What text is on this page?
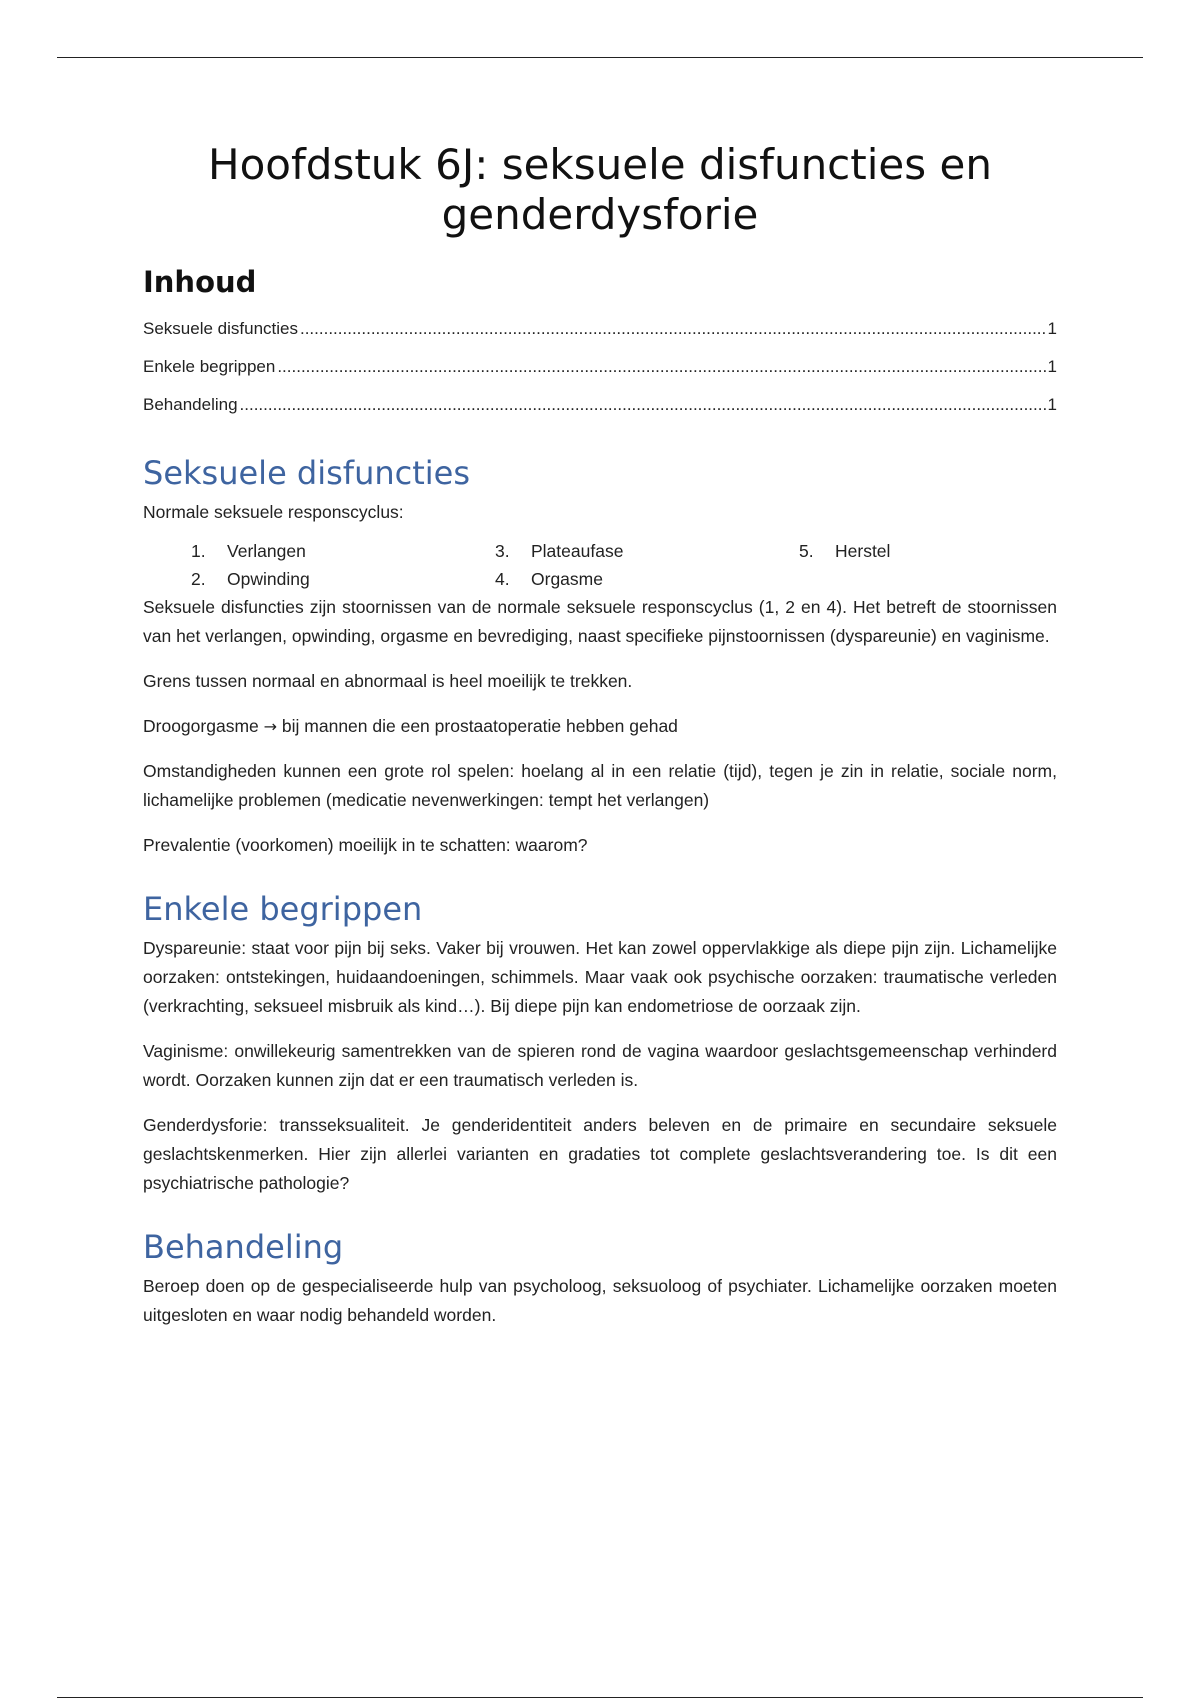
Hoofdstuk 6J: seksuele disfuncties en genderdysforie
Inhoud
Seksuele disfuncties .....	1
Enkele begrippen .....	1
Behandeling .....	1
Seksuele disfuncties

Normale seksuele responscyclus:

1.	Verlangen
2.	Opwinding
3.	Plateaufase
4.	Orgasme
5.	Herstel

Seksuele disfuncties zijn stoornissen van de normale seksuele responscyclus (1, 2 en 4). Het betreft de stoornissen van het verlangen, opwinding, orgasme en bevrediging, naast specifieke pijnstoornissen (dyspareunie) en vaginisme.

Grens tussen normaal en abnormaal is heel moeilijk te trekken.

Droogorgasme → bij mannen die een prostaatoperatie hebben gehad

Omstandigheden kunnen een grote rol spelen: hoelang al in een relatie (tijd), tegen je zin in relatie, sociale norm, lichamelijke problemen (medicatie nevenwerkingen: tempt het verlangen)

Prevalentie (voorkomen) moeilijk in te schatten: waarom?

Enkele begrippen

Dyspareunie: staat voor pijn bij seks. Vaker bij vrouwen. Het kan zowel oppervlakkige als diepe pijn zijn. Lichamelijke oorzaken: ontstekingen, huidaandoeningen, schimmels. Maar vaak ook psychische oorzaken: traumatische verleden (verkrachting, seksueel misbruik als kind…). Bij diepe pijn kan endometriose de oorzaak zijn.

Vaginisme: onwillekeurig samentrekken van de spieren rond de vagina waardoor geslachtsgemeenschap verhinderd wordt. Oorzaken kunnen zijn dat er een traumatisch verleden is.

Genderdysforie: transseksualiteit. Je genderidentiteit anders beleven en de primaire en secundaire seksuele geslachtskenmerken. Hier zijn allerlei varianten en gradaties tot complete geslachtsverandering toe. Is dit een psychiatrische pathologie?

Behandeling

Beroep doen op de gespecialiseerde hulp van psycholoog, seksuoloog of psychiater. Lichamelijke oorzaken moeten uitgesloten en waar nodig behandeld worden.
